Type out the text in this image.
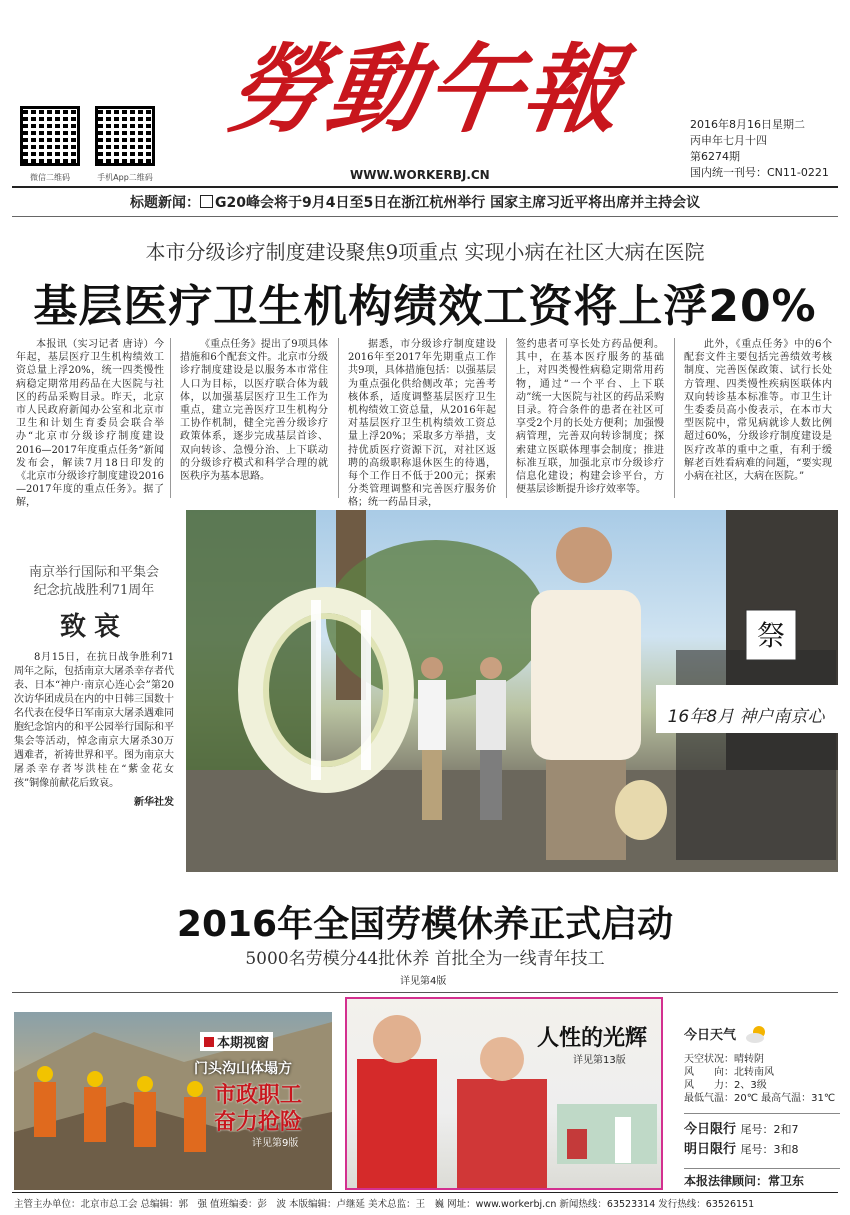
微信二维码	手机App二维码
勞動午報
WWW.WORKERBJ.CN
2016年8月16日星期二
丙申年七月十四
第6274期
国内统一刊号：CN11-0221
标题新闻： G20峰会将于9月4日至5日在浙江杭州举行 国家主席习近平将出席并主持会议
本市分级诊疗制度建设聚焦9项重点 实现小病在社区大病在医院
基层医疗卫生机构绩效工资将上浮20%

本报讯（实习记者 唐诗）今年起，基层医疗卫生机构绩效工资总量上浮20%，统一四类慢性病稳定期常用药品在大医院与社区的药品采购目录。昨天，北京市人民政府新闻办公室和北京市卫生和计划生育委员会联合举办“北京市分级诊疗制度建设2016—2017年度重点任务”新闻发布会，解读7月18日印发的《北京市分级诊疗制度建设2016—2017年度的重点任务》。据了解，

《重点任务》提出了9项具体措施和6个配套文件。北京市分级诊疗制度建设是以服务本市常住人口为目标，以医疗联合体为载体，以加强基层医疗卫生工作为重点，建立完善医疗卫生机构分工协作机制，健全完善分级诊疗政策体系，逐步完成基层首诊、双向转诊、急慢分治、上下联动的分级诊疗模式和科学合理的就医秩序为基本思路。

据悉，市分级诊疗制度建设2016年至2017年先期重点工作共9项，具体措施包括：以强基层为重点强化供给侧改革；完善考核体系，适度调整基层医疗卫生机构绩效工资总量，从2016年起对基层医疗卫生机构绩效工资总量上浮20%；采取多方举措，支持优质医疗资源下沉，对社区返聘的高级职称退休医生的待遇，每个工作日不低于200元；探索分类管理调整和完善医疗服务价格；统一药品目录，

签约患者可享长处方药品便利。其中，在基本医疗服务的基础上，对四类慢性病稳定期常用药物，通过“一个平台、上下联动”统一大医院与社区的药品采购目录。符合条件的患者在社区可享受2个月的长处方便利；加强慢病管理，完善双向转诊制度；探索建立医联体理事会制度；推进标准互联，加强北京市分级诊疗信息化建设；构建会诊平台，方便基层诊断提升诊疗效率等。

此外，《重点任务》中的6个配套文件主要包括完善绩效考核制度、完善医保政策、试行长处方管理、四类慢性疾病医联体内双向转诊基本标准等。市卫生计生委委员高小俊表示，在本市大型医院中，常见病就诊人数比例超过60%，分级诊疗制度建设是医疗改革的重中之重，有利于缓解老百姓看病难的问题，“要实现小病在社区，大病在医院。”

南京举行国际和平集会
纪念抗战胜利71周年
致哀
8月15日，在抗日战争胜利71周年之际，包括南京大屠杀幸存者代表、日本“神户·南京心连心会”第20次访华团成员在内的中日韩三国数十名代表在侵华日军南京大屠杀遇难同胞纪念馆内的和平公园举行国际和平集会等活动，悼念南京大屠杀30万遇难者，祈祷世界和平。图为南京大屠杀幸存者岑洪桂在“紫金花女孩”铜像前献花后致哀。
新华社发
祭
16年8月 神户南京心
2016年全国劳模休养正式启动
5000名劳模分44批休养 首批全为一线青年技工
详见第4版
本期视窗
门头沟山体塌方
市政职工
奋力抢险
详见第9版
人性的光辉
详见第13版
今日天气
天空状况：晴转阴
风　　向：北转南风
风　　力：2、3级
最低气温：20℃ 最高气温：31℃
今日限行 尾号：2和7
明日限行 尾号：3和8
本报法律顾问：常卫东
主管主办单位：北京市总工会 总编辑：郭　强 值班编委：彭　波 本版编辑：卢继延 美术总监：王　巍 网址：www.workerbj.cn 新闻热线：63523314 发行热线：63526151
